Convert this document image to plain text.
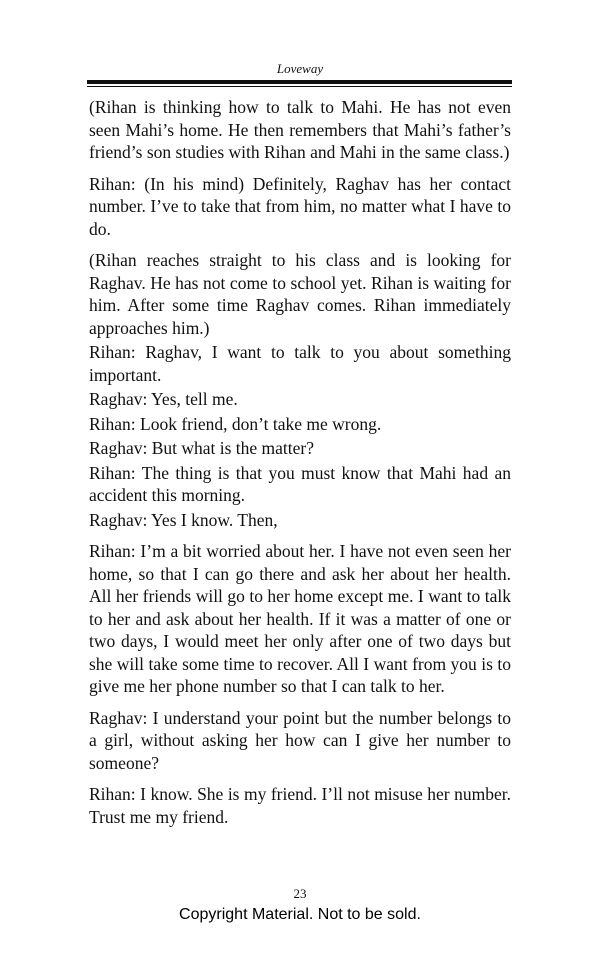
Loveway

(Rihan is thinking how to talk to Mahi. He has not even seen Mahi’s home. He then remembers that Mahi’s father’s friend’s son studies with Rihan and Mahi in the same class.)

Rihan: (In his mind) Definitely, Raghav has her contact number. I’ve to take that from him, no matter what I have to do.

(Rihan reaches straight to his class and is looking for Raghav. He has not come to school yet. Rihan is waiting for him. After some time Raghav comes. Rihan immediately approaches him.)

Rihan: Raghav, I want to talk to you about something important.

Raghav: Yes, tell me.

Rihan: Look friend, don’t take me wrong.

Raghav: But what is the matter?

Rihan: The thing is that you must know that Mahi had an accident this morning.

Raghav: Yes I know. Then,

Rihan: I’m a bit worried about her. I have not even seen her home, so that I can go there and ask her about her health. All her friends will go to her home except me. I want to talk to her and ask about her health. If it was a matter of one or two days, I would meet her only after one of two days but she will take some time to recover. All I want from you is to give me her phone number so that I can talk to her.

Raghav: I understand your point but the number belongs to a girl, without asking her how can I give her number to someone?

Rihan: I know. She is my friend. I’ll not misuse her number. Trust me my friend.

23
Copyright Material. Not to be sold.
